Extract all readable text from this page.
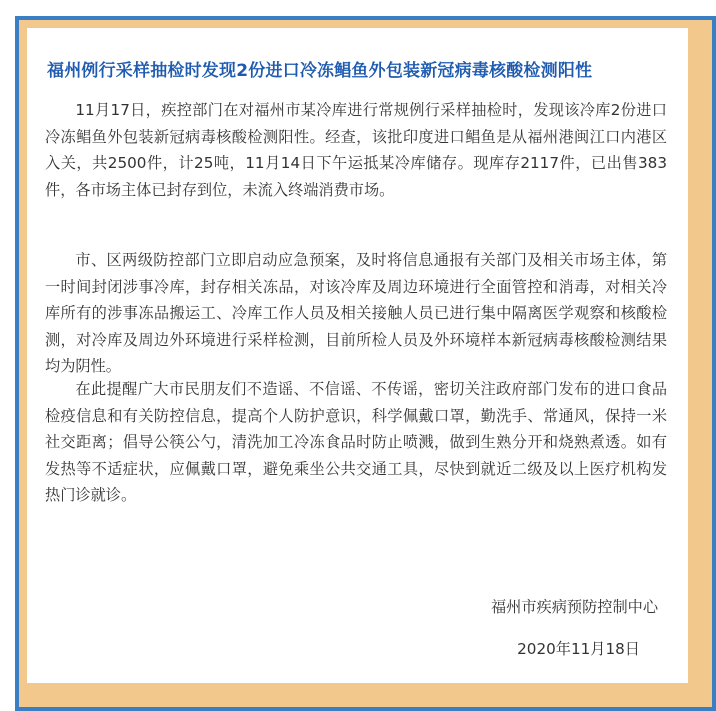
福州例行采样抽检时发现2份进口冷冻鲳鱼外包装新冠病毒核酸检测阳性

11月17日，疾控部门在对福州市某冷库进行常规例行采样抽检时，发现该冷库2份进口冷冻鲳鱼外包装新冠病毒核酸检测阳性。经查，该批印度进口鲳鱼是从福州港闽江口内港区入关，共2500件，计25吨，11月14日下午运抵某冷库储存。现库存2117件，已出售383件，各市场主体已封存到位，未流入终端消费市场。

市、区两级防控部门立即启动应急预案，及时将信息通报有关部门及相关市场主体，第一时间封闭涉事冷库，封存相关冻品，对该冷库及周边环境进行全面管控和消毒，对相关冷库所有的涉事冻品搬运工、冷库工作人员及相关接触人员已进行集中隔离医学观察和核酸检测，对冷库及周边外环境进行采样检测，目前所检人员及外环境样本新冠病毒核酸检测结果均为阴性。

在此提醒广大市民朋友们不造谣、不信谣、不传谣，密切关注政府部门发布的进口食品检疫信息和有关防控信息，提高个人防护意识，科学佩戴口罩，勤洗手、常通风，保持一米社交距离；倡导公筷公勺，清洗加工冷冻食品时防止喷溅，做到生熟分开和烧熟煮透。如有发热等不适症状，应佩戴口罩，避免乘坐公共交通工具，尽快到就近二级及以上医疗机构发热门诊就诊。

福州市疾病预防控制中心
2020年11月18日
